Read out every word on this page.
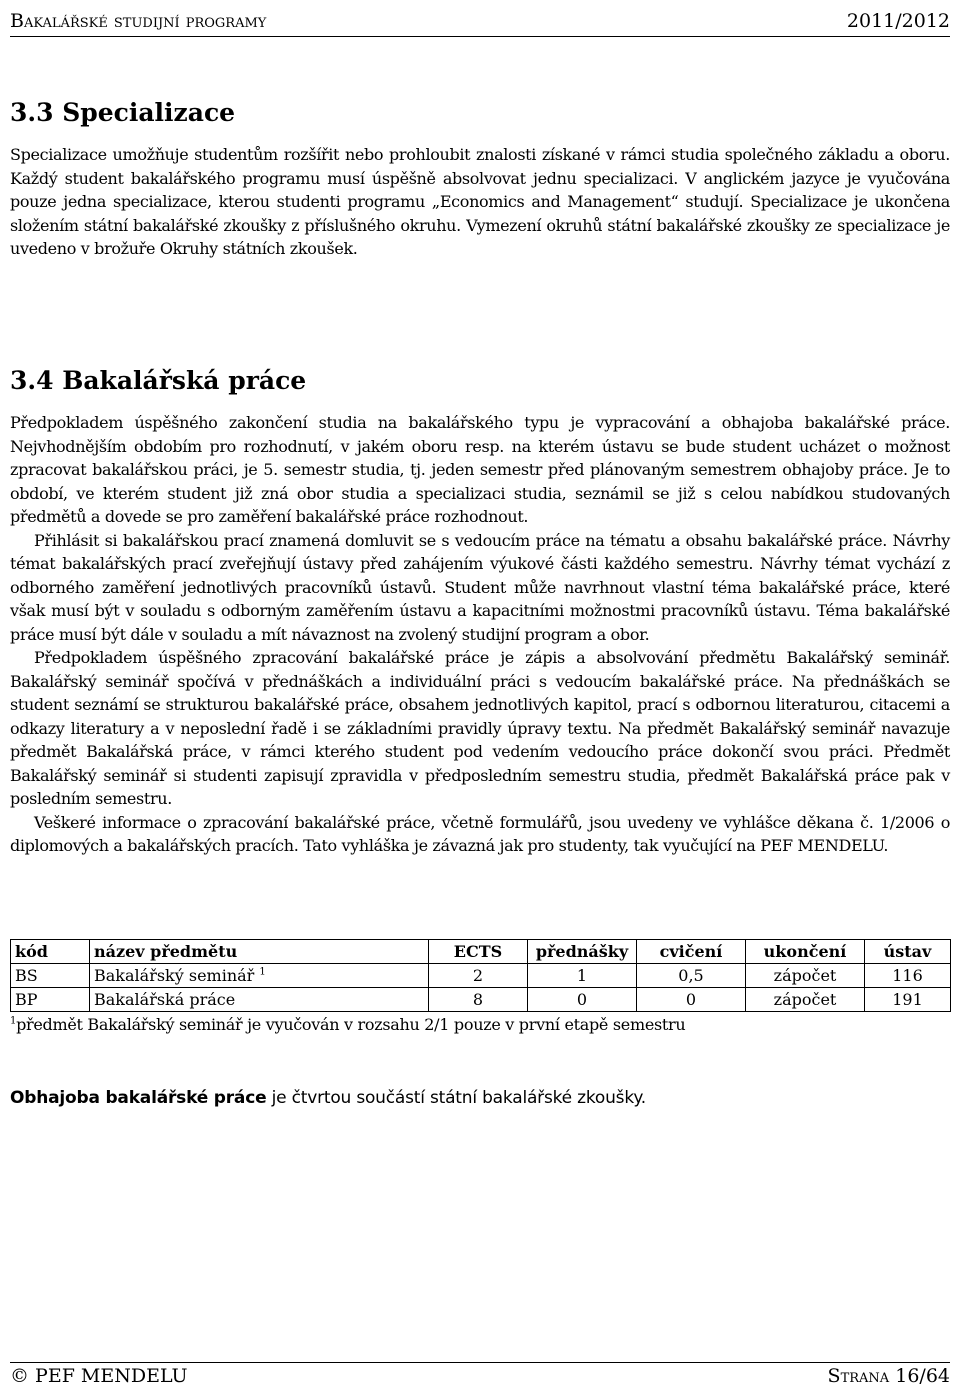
Bakalářské studijní programy	2011/2012
3.3 Specializace

Specializace umožňuje studentům rozšířit nebo prohloubit znalosti získané v rámci studia společného základu a oboru. Každý student bakalářského programu musí úspěšně absolvovat jednu specializaci. V anglickém jazyce je vyučována pouze jedna specializace, kterou studenti programu „Economics and Management“ studují. Specializace je ukončena složením státní bakalářské zkoušky z příslušného okruhu. Vymezení okruhů státní bakalářské zkoušky ze specializace je uvedeno v brožuře Okruhy státních zkoušek.

3.4 Bakalářská práce

Předpokladem úspěšného zakončení studia na bakalářského typu je vypracování a obhajoba bakalářské práce. Nejvhodnějším obdobím pro rozhodnutí, v jakém oboru resp. na kterém ústavu se bude student ucházet o možnost zpracovat bakalářskou práci, je 5. semestr studia, tj. jeden semestr před plánovaným semestrem obhajoby práce. Je to období, ve kterém student již zná obor studia a specializaci studia, seznámil se již s celou nabídkou studovaných předmětů a dovede se pro zaměření bakalářské práce rozhodnout.

Přihlásit si bakalářskou prací znamená domluvit se s vedoucím práce na tématu a obsahu bakalářské práce. Návrhy témat bakalářských prací zveřejňují ústavy před zahájením výukové části každého semestru. Návrhy témat vychází z odborného zaměření jednotlivých pracovníků ústavů. Student může navrhnout vlastní téma bakalářské práce, které však musí být v souladu s odborným zaměřením ústavu a kapacitními možnostmi pracovníků ústavu. Téma bakalářské práce musí být dále v souladu a mít návaznost na zvolený studijní program a obor.

Předpokladem úspěšného zpracování bakalářské práce je zápis a absolvování předmětu Bakalářský seminář. Bakalářský seminář spočívá v přednáškách a individuální práci s vedoucím bakalářské práce. Na přednáškách se student seznámí se strukturou bakalářské práce, obsahem jednotlivých kapitol, prací s odbornou literaturou, citacemi a odkazy literatury a v neposlední řadě i se základními pravidly úpravy textu. Na předmět Bakalářský seminář navazuje předmět Bakalářská práce, v rámci kterého student pod vedením vedoucího práce dokončí svou práci. Předmět Bakalářský seminář si studenti zapisují zpravidla v předposledním semestru studia, předmět Bakalářská práce pak v posledním semestru.

Veškeré informace o zpracování bakalářské práce, včetně formulářů, jsou uvedeny ve vyhlášce děkana č. 1/2006 o diplomových a bakalářských pracích. Tato vyhláška je závazná jak pro studenty, tak vyučující na PEF MENDELU.

kód	název předmětu	ECTS	přednášky	cvičení	ukončení	ústav
BS	Bakalářský seminář $^1$	2	1	0,5	zápočet	116
BP	Bakalářská práce	8	0	0	zápočet	191
$^1$předmět Bakalářský seminář je vyučován v rozsahu 2/1 pouze v první etapě semestru
Obhajoba bakalářské práce je čtvrtou součástí státní bakalářské zkoušky.
© PEF MENDELU	Strana 16/64
